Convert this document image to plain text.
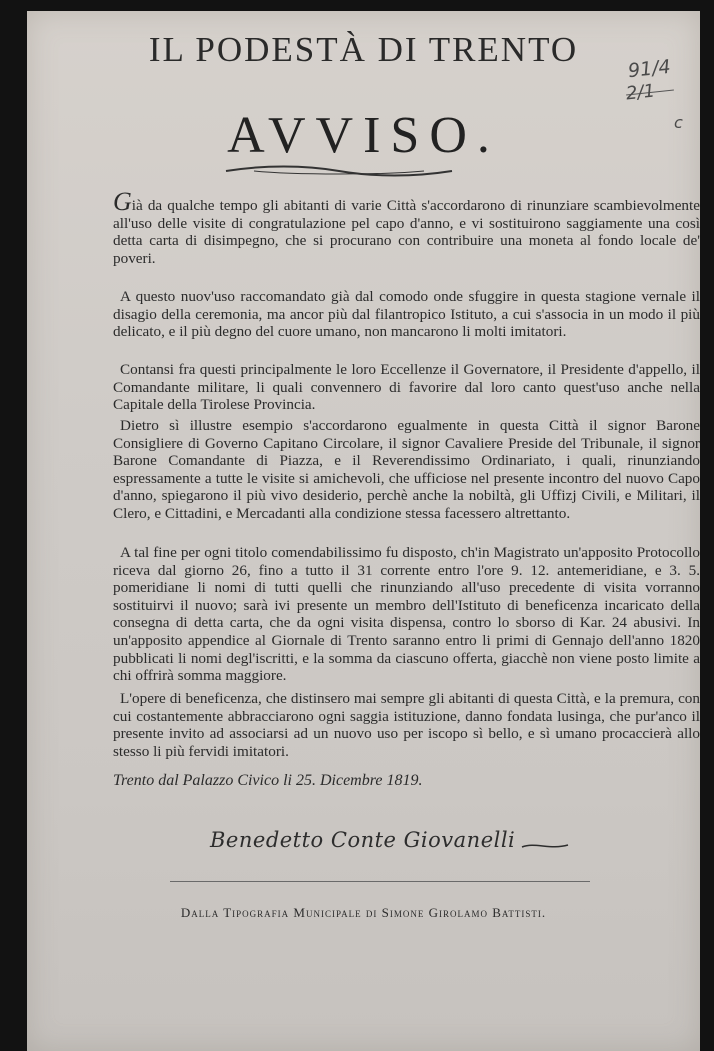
91/4
2/1
c
IL PODESTÀ DI TRENTO
AVVISO.

Già da qualche tempo gli abitanti di varie Città s'accordarono di rinunziare scambievolmente all'uso delle visite di congratulazione pel capo d'anno, e vi sostituirono saggiamente una così detta carta di disimpegno, che si procurano con contribuire una moneta al fondo locale de' poveri.

A questo nuov'uso raccomandato già dal comodo onde sfuggire in questa stagione vernale il disagio della ceremonia, ma ancor più dal filantropico Istituto, a cui s'associa in un modo il più delicato, e il più degno del cuore umano, non mancarono li molti imitatori.

Contansi fra questi principalmente le loro Eccellenze il Governatore, il Presidente d'appello, il Comandante militare, li quali convennero di favorire dal loro canto quest'uso anche nella Capitale della Tirolese Provincia.

Dietro sì illustre esempio s'accordarono egualmente in questa Città il signor Barone Consigliere di Governo Capitano Circolare, il signor Cavaliere Preside del Tribunale, il signor Barone Comandante di Piazza, e il Reverendissimo Ordinariato, i quali, rinunziando espressamente a tutte le visite si amichevoli, che ufficiose nel presente incontro del nuovo Capo d'anno, spiegarono il più vivo desiderio, perchè anche la nobiltà, gli Uffizj Civili, e Militari, il Clero, e Cittadini, e Mercadanti alla condizione stessa facessero altrettanto.

A tal fine per ogni titolo comendabilissimo fu disposto, ch'in Magistrato un'apposito Protocollo riceva dal giorno 26, fino a tutto il 31 corrente entro l'ore 9. 12. antemeridiane, e 3. 5. pomeridiane li nomi di tutti quelli che rinunziando all'uso precedente di visita vorranno sostituirvi il nuovo; sarà ivi presente un membro dell'Istituto di beneficenza incaricato della consegna di detta carta, che da ogni visita dispensa, contro lo sborso di Kar. 24 abusivi. In un'apposito appendice al Giornale di Trento saranno entro li primi di Gennajo dell'anno 1820 pubblicati li nomi degl'iscritti, e la somma da ciascuno offerta, giacchè non viene posto limite a chi offrirà somma maggiore.

L'opere di beneficenza, che distinsero mai sempre gli abitanti di questa Città, e la premura, con cui costantemente abbracciarono ogni saggia istituzione, danno fondata lusinga, che pur'anco il presente invito ad associarsi ad un nuovo uso per iscopo sì bello, e sì umano procaccierà allo stesso li più fervidi imitatori.

Trento dal Palazzo Civico li 25. Dicembre 1819.
Benedetto Conte Giovanelli
Dalla Tipografia Municipale di Simone Girolamo Battisti.
